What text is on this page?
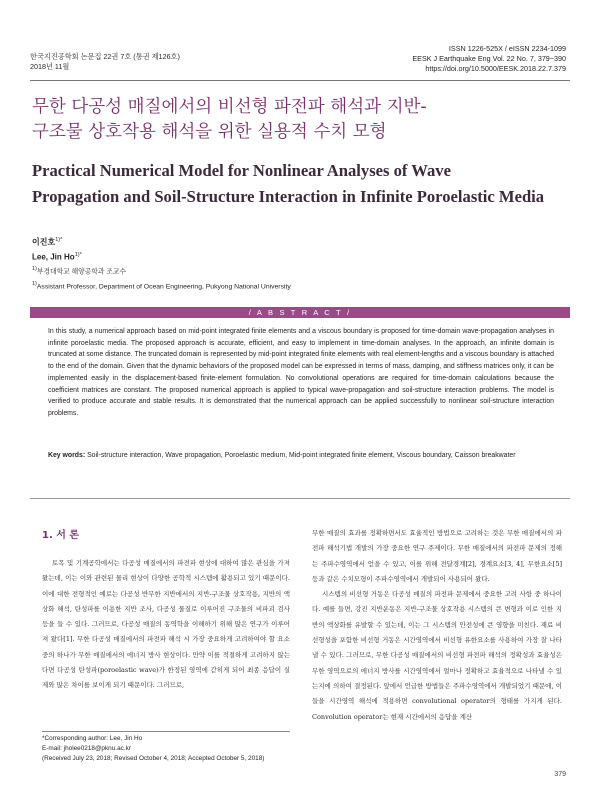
한국지진공학회 논문집 22권 7호 (통권 제126호)
2018년 11월
ISSN 1226-525X / eISSN 2234-1099
EESK J Earthquake Eng Vol. 22 No. 7, 379~390
https://doi.org/10.5000/EESK.2018.22.7.379
무한 다공성 매질에서의 비선형 파전파 해석과 지반-
구조물 상호작용 해석을 위한 실용적 수치 모형
Practical Numerical Model for Nonlinear Analyses of Wave
Propagation and Soil-Structure Interaction in Infinite Poroelastic Media
이진호$^{1)*}$
Lee, Jin $Ho^{1)*}$
$^{1)}$부경대학교 해양공학과 조교수
$^{1)}$Assistant Professor, Department of Ocean Engineering, Pukyong National University
/ A B S T R A C T /

In this study, a numerical approach based on mid-point integrated finite elements and a viscous boundary is proposed for time-domain wave-propagation analyses in infinite poroelastic media. The proposed approach is accurate, efficient, and easy to implement in time-domain analyses. In the approach, an infinite domain is truncated at some distance. The truncated domain is represented by mid-point integrated finite elements with real element-lengths and a viscous boundary is attached to the end of the domain. Given that the dynamic behaviors of the proposed model can be expressed in terms of mass, damping, and stiffness matrices only, it can be implemented easily in the displacement-based finite-element formulation. No convolutional operations are required for time-domain calculations because the coefficient matrices are constant. The proposed numerical approach is applied to typical wave-propagation and soil-structure interaction problems. The model is verified to produce accurate and stable results. It is demonstrated that the numerical approach can be applied successfully to nonlinear soil-structure interaction problems.

Key words: Soil-structure interaction, Wave propagation, Poroelastic medium, Mid-point integrated finite element, Viscous boundary, Caisson breakwater
1. 서 론

토목 및 기계공학에서는 다공성 매질에서의 파전파 현상에 대하여 많은 관심을 가져왔는데, 이는 이와 관련된 물리 현상이 다양한 공학적 시스템에 활용되고 있기 때문이다. 이에 대한 전형적인 예로는 다공성 반무한 지반에서의 지반-구조물 상호작용, 지반의 액상화 해석, 탄성파를 이용한 지반 조사, 다공성 물질로 이루어진 구조물의 비파괴 검사 등을 들 수 있다. 그러므로, 다공성 매질의 동역학을 이해하기 위해 많은 연구가 이루어져 왔다[1]. 무한 다공성 매질에서의 파전파 해석 시 가장 중요하게 고려하여야 할 요소 중의 하나가 무한 매질에서의 에너지 방사 현상이다. 만약 이를 적절하게 고려하지 않는다면 다공성 탄성파(poroelastic wave)가 한정된 영역에 갇히게 되어 최종 응답이 실제와 많은 차이를 보이게 되기 때문이다. 그러므로,

무한 매질의 효과를 정확하면서도 효율적인 방법으로 고려하는 것은 무한 매질에서의 파전파 해석기법 개발의 가장 중요한 연구 주제이다. 무한 매질에서의 파전파 문제의 정해는 주파수영역에서 얻을 수 있고, 이를 위해 전달경계[2], 경계요소[3, 4], 무한요소[5] 등과 같은 수치모형이 주파수영역에서 개발되어 사용되어 왔다.

시스템의 비선형 거동은 다공성 매질의 파전파 문제에서 중요한 고려 사항 중 하나이다. 예를 들면, 강진 지반운동은 지반-구조물 상호작용 시스템의 큰 변형과 이로 인한 지반의 액상화를 유발할 수 있는데, 이는 그 시스템의 안전성에 큰 영향을 미친다. 재료 비선형성을 포함한 비선형 거동은 시간영역에서 비선형 유한요소를 사용하여 가장 잘 나타낼 수 있다. 그러므로, 무한 다공성 매질에서의 비선형 파전파 해석의 정확성과 효율성은 무한 영역으로의 에너지 방사를 시간영역에서 얼마나 정확하고 효율적으로 나타낼 수 있는지에 의하여 결정된다. 앞에서 언급한 방법들은 주파수영역에서 개발되었기 때문에, 이들을 시간영역 해석에 적용하면 convolutional operator의 형태를 가지게 된다. Convolution operator는 현재 시간에서의 응답을 계산

*Corresponding author: Lee, Jin Ho
E-mail: jholee0218@pknu.ac.kr
(Received July 23, 2018; Revised October 4, 2018; Accepted October 5, 2018)
379
